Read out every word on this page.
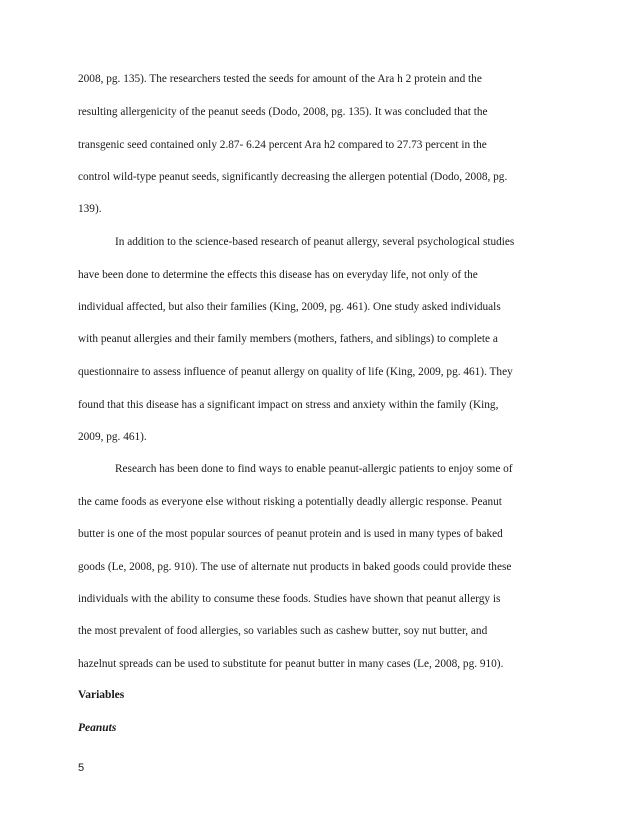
2008, pg. 135). The researchers tested the seeds for amount of the Ara h 2 protein and the
resulting allergenicity of the peanut seeds (Dodo, 2008, pg. 135). It was concluded that the
transgenic seed contained only 2.87- 6.24 percent Ara h2 compared to 27.73 percent in the
control wild-type peanut seeds, significantly decreasing the allergen potential (Dodo, 2008, pg.
139).
In addition to the science-based research of peanut allergy, several psychological studies
have been done to determine the effects this disease has on everyday life, not only of the
individual affected, but also their families (King, 2009, pg. 461). One study asked individuals
with peanut allergies and their family members (mothers, fathers, and siblings) to complete a
questionnaire to assess influence of peanut allergy on quality of life (King, 2009, pg. 461). They
found that this disease has a significant impact on stress and anxiety within the family (King,
2009, pg. 461).
Research has been done to find ways to enable peanut-allergic patients to enjoy some of
the came foods as everyone else without risking a potentially deadly allergic response. Peanut
butter is one of the most popular sources of peanut protein and is used in many types of baked
goods (Le, 2008, pg. 910). The use of alternate nut products in baked goods could provide these
individuals with the ability to consume these foods. Studies have shown that peanut allergy is
the most prevalent of food allergies, so variables such as cashew butter, soy nut butter, and
hazelnut spreads can be used to substitute for peanut butter in many cases (Le, 2008, pg. 910).
Variables
Peanuts
5
